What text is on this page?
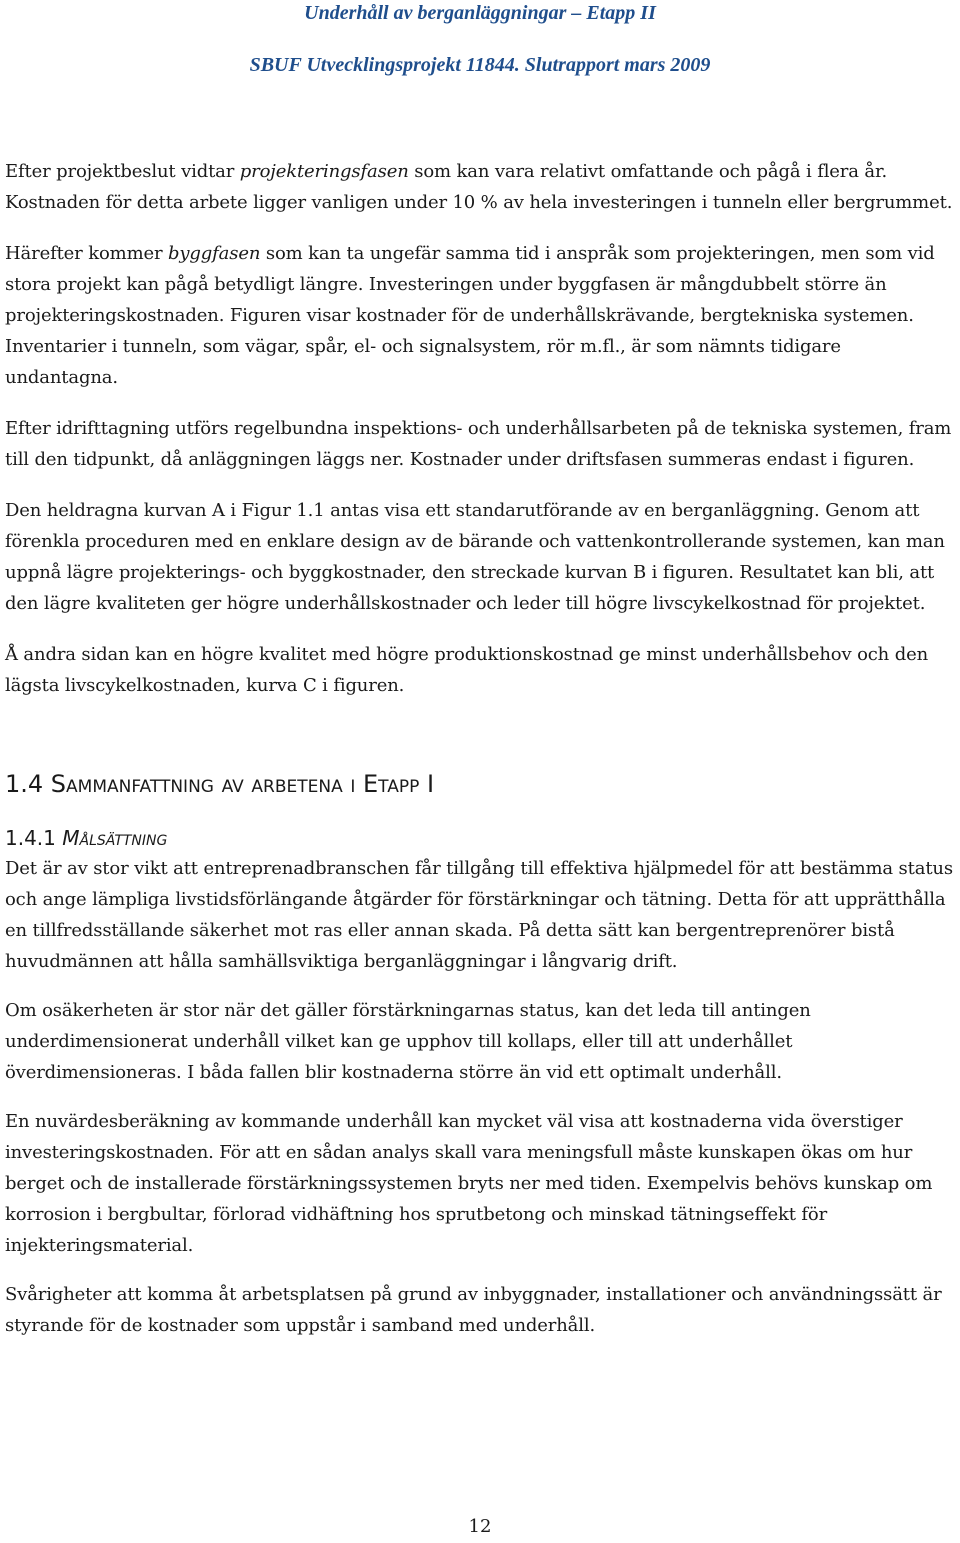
Underhåll av berganläggningar – Etapp II
SBUF Utvecklingsprojekt 11844. Slutrapport mars 2009

Efter projektbeslut vidtar projekteringsfasen som kan vara relativt omfattande och pågå i flera år. Kostnaden för detta arbete ligger vanligen under 10 % av hela investeringen i tunneln eller bergrummet.

Härefter kommer byggfasen som kan ta ungefär samma tid i anspråk som projekteringen, men som vid stora projekt kan pågå betydligt längre. Investeringen under byggfasen är mångdubbelt större än projekteringskostnaden. Figuren visar kostnader för de underhållskrävande, bergtekniska systemen. Inventarier i tunneln, som vägar, spår, el- och signalsystem, rör m.fl., är som nämnts tidigare undantagna.

Efter idrifttagning utförs regelbundna inspektions- och underhållsarbeten på de tekniska systemen, fram till den tidpunkt, då anläggningen läggs ner. Kostnader under driftsfasen summeras endast i figuren.

Den heldragna kurvan A i Figur 1.1 antas visa ett standarutförande av en berganläggning. Genom att förenkla proceduren med en enklare design av de bärande och vattenkontrollerande systemen, kan man uppnå lägre projekterings- och byggkostnader, den streckade kurvan B i figuren. Resultatet kan bli, att den lägre kvaliteten ger högre underhållskostnader och leder till högre livscykelkostnad för projektet.

Å andra sidan kan en högre kvalitet med högre produktionskostnad ge minst underhållsbehov och den lägsta livscykelkostnaden, kurva C i figuren.

1.4 Sammanfattning av arbetena i Etapp I
1.4.1 Målsättning

Det är av stor vikt att entreprenadbranschen får tillgång till effektiva hjälpmedel för att bestämma status och ange lämpliga livstidsförlängande åtgärder för förstärkningar och tätning. Detta för att upprätthålla en tillfredsställande säkerhet mot ras eller annan skada. På detta sätt kan bergentreprenörer bistå huvudmännen att hålla samhällsviktiga berganläggningar i långvarig drift.

Om osäkerheten är stor när det gäller förstärkningarnas status, kan det leda till antingen underdimensionerat underhåll vilket kan ge upphov till kollaps, eller till att underhållet överdimensioneras. I båda fallen blir kostnaderna större än vid ett optimalt underhåll.

En nuvärdesberäkning av kommande underhåll kan mycket väl visa att kostnaderna vida överstiger investeringskostnaden. För att en sådan analys skall vara meningsfull måste kunskapen ökas om hur berget och de installerade förstärkningssystemen bryts ner med tiden. Exempelvis behövs kunskap om korrosion i bergbultar, förlorad vidhäftning hos sprutbetong och minskad tätningseffekt för injekteringsmaterial.

Svårigheter att komma åt arbetsplatsen på grund av inbyggnader, installationer och användningssätt är styrande för de kostnader som uppstår i samband med underhåll.

12
